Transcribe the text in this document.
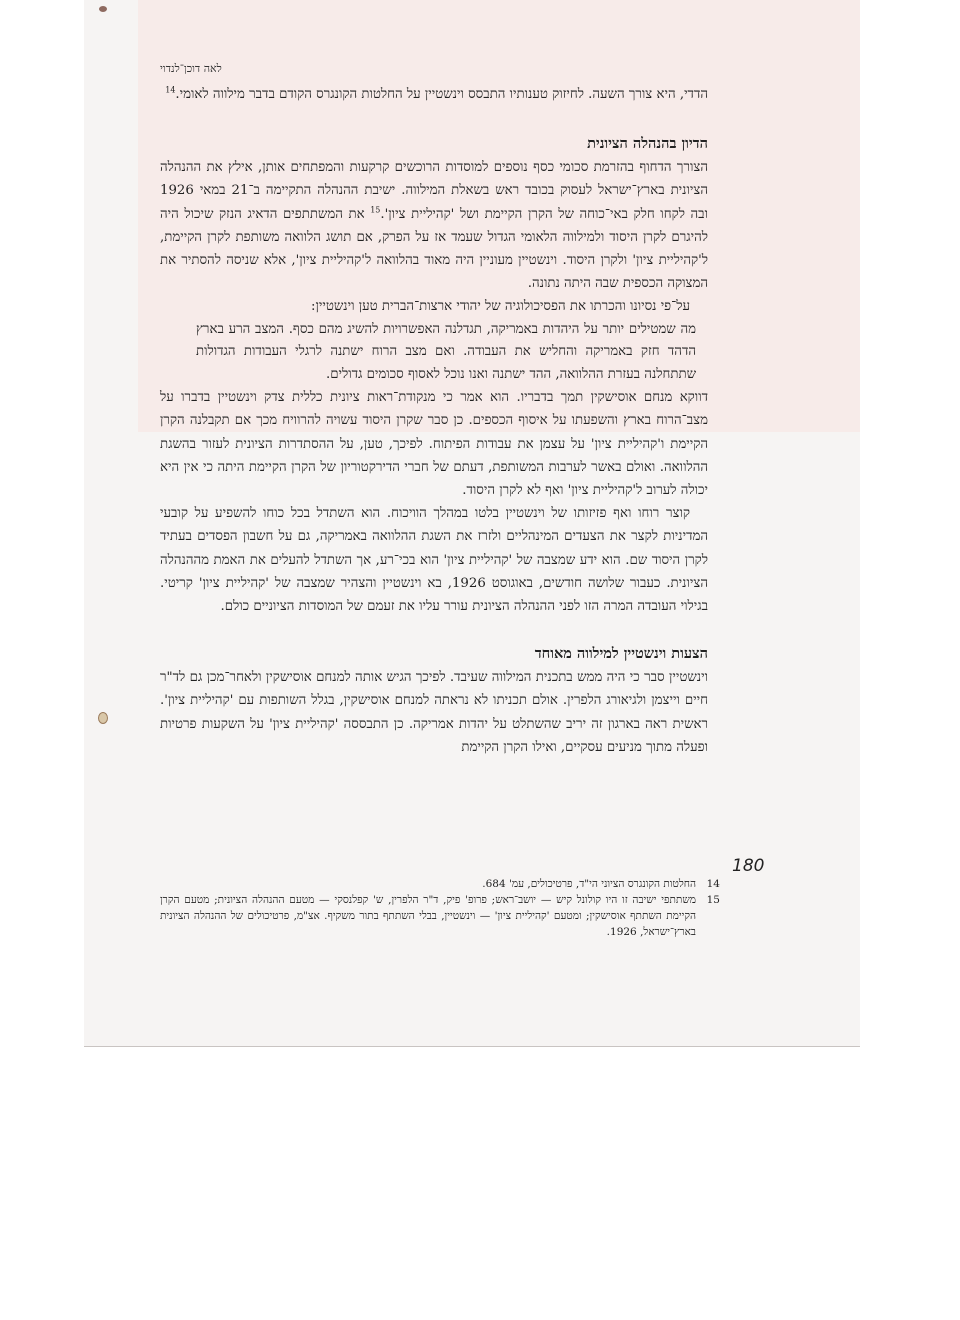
לאה דוכן־לנדוי

הדדי, היא צורך השעה. לחיזוק טענותיו התבסס וינשטיין על החלטות הקונגרס הקודם בדבר מילווה לאומי.$^{14}$

הדיון בהנהלה הציונית

הצורך הדחוף בהזרמת סכומי כסף נוספים למוסדות הרוכשים קרקעות והמפתחים אותן, אילץ את ההנהלה הציונית בארץ־ישראל לעסוק בכובד ראש בשאלת המילווה. ישיבת ההנהלה התקיימה ב־21 במאי 1926 ובה לקחו חלק באי־כוחה של הקרן הקיימת ושל 'קהיליית ציון'.$^{15}$ את המשתתפים הדאיג הנזק שיכול היה להיגרם לקרן היסוד ולמילווה הלאומי הגדול שעמד אז על הפרק, אם תושג הלוואה משותפת לקרן הקיימת, ל'קהיליית ציון' ולקרן היסוד. וינשטיין מעוניין היה מאוד בהלוואה ל'קהיליית ציון', אלא שניסה להסתיר את המצוקה הכספית שבה היתה נתונה.

על־פי נסיונו והכרתו את הפסיכולוגיה של יהודי ארצות־הברית טען וינשטיין:

מה שמטילים יותר על היהדות באמריקה, תגדלנה האפשרויות להשיג מהם כסף. המצב הרע בארץ הדהד חזק באמריקה והחליש את העבודה. ואם מצב הרוח ישתנה לרגלי העבודות הגדולות שתתחלנה בעזרת ההלוואה, ההד ישתנה ואנו נוכל לאסוף סכומים גדולים.

דווקא מנחם אוסישקין תמך בדבריו. הוא אמר כי מנקודת־ראות ציונית כללית צדק וינשטיין בדברו על מצב־הרוח בארץ והשפעתו על איסוף הכספים. כן סבר שקרן היסוד עשויה להרוויח מכך אם תקבלנה הקרן הקיימת ו'קהיליית ציון' על עצמן את עבודות הפיתוח. לפיכך, טען, על ההסתדרות הציונית לעזור בהשגת ההלוואה. ואולם באשר לערבות המשותפת, דעתם של חברי הדירקטוריון של הקרן הקיימת היתה כי אין היא יכולה לערוב ל'קהיליית ציון' ואף לא לקרן היסוד.

קוצר רוחו ואף פזיזותו של וינשטיין בלטו במהלך הוויכוח. הוא השתדל בכל כוחו להשפיע על קובעי המדיניות לקצר את הצעדים המינהליים ולזרז את השגת ההלוואה באמריקה, גם על חשבון הפסדים בעתיד לקרן היסוד שם. הוא ידע שמצבה של 'קהיליית ציון' הוא בכי־רע, אך השתדל להעלים את האמת מההנהלה הציונית. כעבור שלושה חודשים, באוגוסט 1926, בא וינשטיין והצהיר שמצבה של 'קהיליית ציון' קריטי. בגילוי העובדה המרה הזו לפני ההנהלה הציונית עורר עליו את זעמם של המוסדות הציוניים כולם.

הצעות וינשטיין למילווה מאוחד

וינשטיין סבר כי היה ממש בתכנית המילווה שעיבד. לפיכך הגיש אותה למנחם אוסישקין ולאחר־מכן גם לד"ר חיים וייצמן ולגיאורג הלפרין. אולם תכניתו לא נראתה למנחם אוסישקין, בגלל השותפות עם 'קהיליית ציון'. ראשית ראה בארגון זה יריב שהשתלט על יהדות אמריקה. כן התבססה 'קהיליית ציון' על השקעות פרטיות ופעלה מתוך מניעים עסקיים, ואילו הקרן הקיימת

180
14
החלטות הקונגרס הציוני הי"ד, פרטיכולים, עמ' 684.
15
משתתפי ישיבה זו היו קולונל קיש — יושב־ראש; פרופ' פיק, ד"ר הלפרין, ש' קפלנסקי — מטעם ההנהלה הציונית; מטעם הקרן הקיימת השתתף אוסישקין; ומטעם 'קהיליית ציון' — וינשטיין, בבלי השתתף בתור משקיף. אצ"מ, פרטיכולים של ההנהלה הציונית בארץ־ישראל, 1926.
